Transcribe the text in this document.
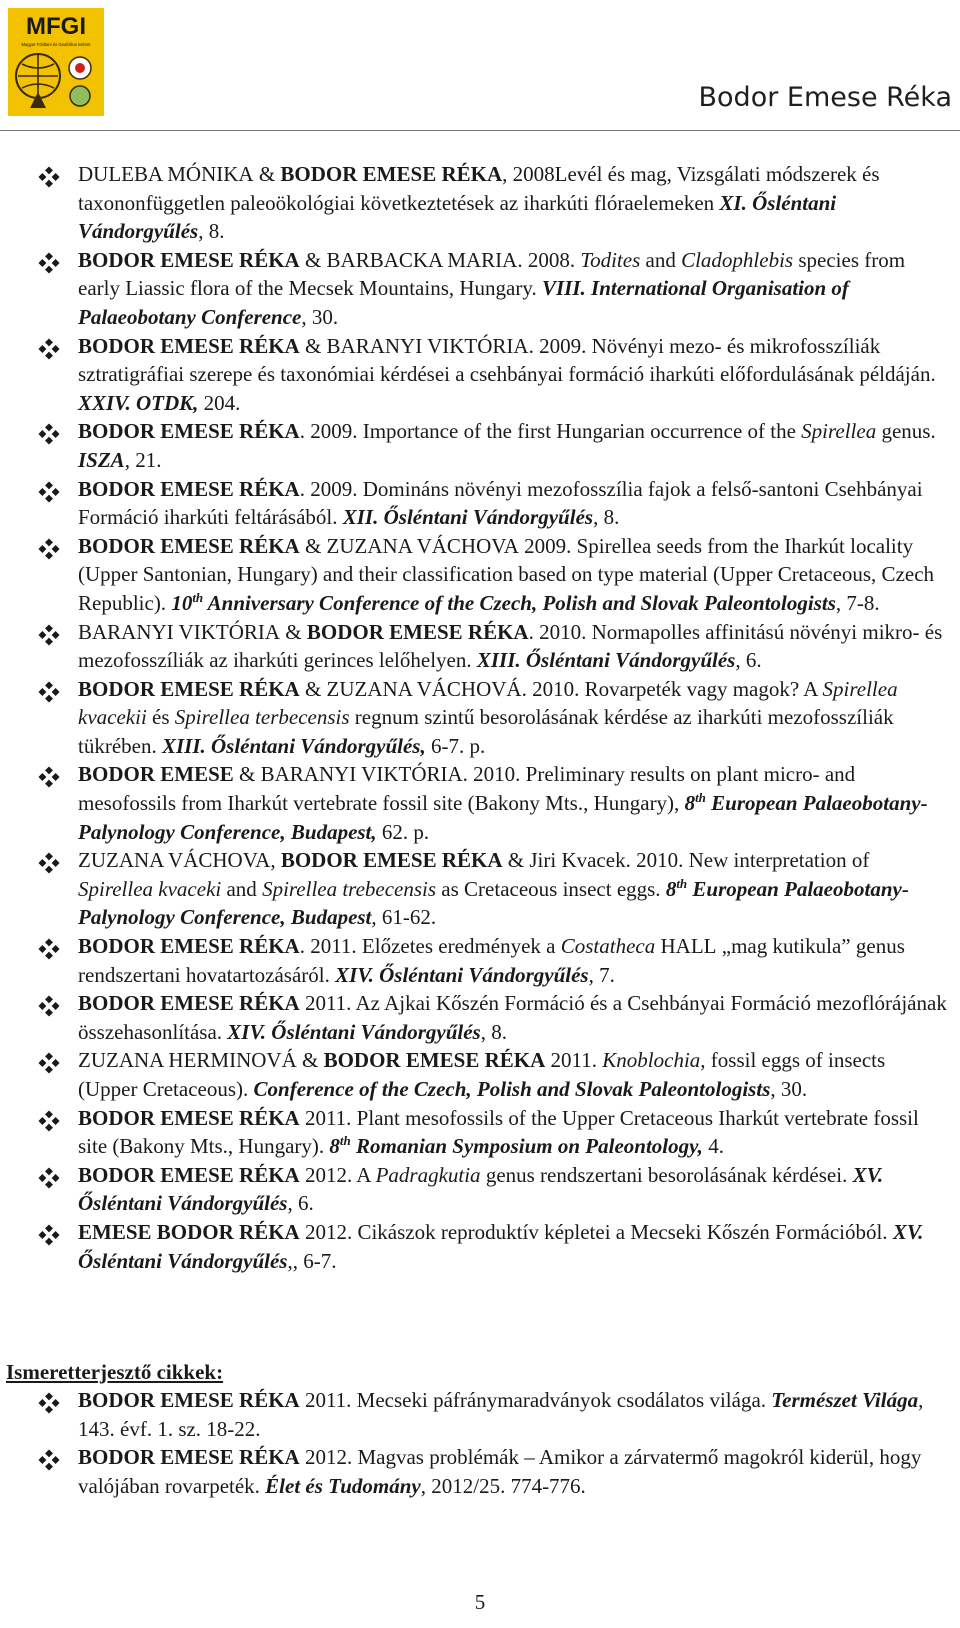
MFGI
Magyar Földtani és Geofizikai Intézet
Bodor Emese Réka
DULEBA MÓNIKA & BODOR EMESE RÉKA, 2008Levél és mag, Vizsgálati módszerek és taxononfüggetlen paleoökológiai következtetések az iharkúti flóraelemeken XI. Ősléntani Vándorgyűlés, 8.
BODOR EMESE RÉKA & BARBACKA MARIA. 2008. Todites and Cladophlebis species from early Liassic flora of the Mecsek Mountains, Hungary. VIII. International Organisation of Palaeobotany Conference, 30.
BODOR EMESE RÉKA & BARANYI VIKTÓRIA. 2009. Növényi mezo- és mikrofosszíliák sztratigráfiai szerepe és taxonómiai kérdései a csehbányai formáció iharkúti előfordulásának példáján. XXIV. OTDK, 204.
BODOR EMESE RÉKA. 2009. Importance of the first Hungarian occurrence of the Spirellea genus. ISZA, 21.
BODOR EMESE RÉKA. 2009. Domináns növényi mezofosszília fajok a felső-santoni Csehbányai Formáció iharkúti feltárásából. XII. Ősléntani Vándorgyűlés, 8.
BODOR EMESE RÉKA & ZUZANA VÁCHOVA 2009. Spirellea seeds from the Iharkút locality (Upper Santonian, Hungary) and their classification based on type material (Upper Cretaceous, Czech Republic). 10th Anniversary Conference of the Czech, Polish and Slovak Paleontologists, 7-8.
BARANYI VIKTÓRIA & BODOR EMESE RÉKA. 2010. Normapolles affinitású növényi mikro- és mezofosszíliák az iharkúti gerinces lelőhelyen. XIII. Ősléntani Vándorgyűlés, 6.
BODOR EMESE RÉKA & ZUZANA VÁCHOVÁ. 2010. Rovarpeték vagy magok? A Spirellea kvacekii és Spirellea terbecensis regnum szintű besorolásának kérdése az iharkúti mezofosszíliák tükrében. XIII. Ősléntani Vándorgyűlés, 6-7. p.
BODOR EMESE & BARANYI VIKTÓRIA. 2010. Preliminary results on plant micro- and mesofossils from Iharkút vertebrate fossil site (Bakony Mts., Hungary), 8th European Palaeobotany-Palynology Conference, Budapest, 62. p.
ZUZANA VÁCHOVA, BODOR EMESE RÉKA & Jiri Kvacek. 2010. New interpretation of Spirellea kvaceki and Spirellea trebecensis as Cretaceous insect eggs. 8th European Palaeobotany-Palynology Conference, Budapest, 61-62.
BODOR EMESE RÉKA. 2011. Előzetes eredmények a Costatheca HALL „mag kutikula” genus rendszertani hovatartozásáról. XIV. Ősléntani Vándorgyűlés, 7.
BODOR EMESE RÉKA 2011. Az Ajkai Kőszén Formáció és a Csehbányai Formáció mezoflórájának összehasonlítása. XIV. Ősléntani Vándorgyűlés, 8.
ZUZANA HERMINOVÁ & BODOR EMESE RÉKA 2011. Knoblochia, fossil eggs of insects (Upper Cretaceous). Conference of the Czech, Polish and Slovak Paleontologists, 30.
BODOR EMESE RÉKA 2011. Plant mesofossils of the Upper Cretaceous Iharkút vertebrate fossil site (Bakony Mts., Hungary). 8th Romanian Symposium on Paleontology, 4.
BODOR EMESE RÉKA 2012. A Padragkutia genus rendszertani besorolásának kérdései. XV. Ősléntani Vándorgyűlés, 6.
EMESE BODOR RÉKA 2012. Cikászok reproduktív képletei a Mecseki Kőszén Formációból. XV. Ősléntani Vándorgyűlés,, 6-7.
Ismeretterjesztő cikkek:
BODOR EMESE RÉKA 2011. Mecseki páfránymaradványok csodálatos világa. Természet Világa, 143. évf. 1. sz. 18-22.
BODOR EMESE RÉKA 2012. Magvas problémák – Amikor a zárvatermő magokról kiderül, hogy valójában rovarpeték. Élet és Tudomány, 2012/25. 774-776.
5
